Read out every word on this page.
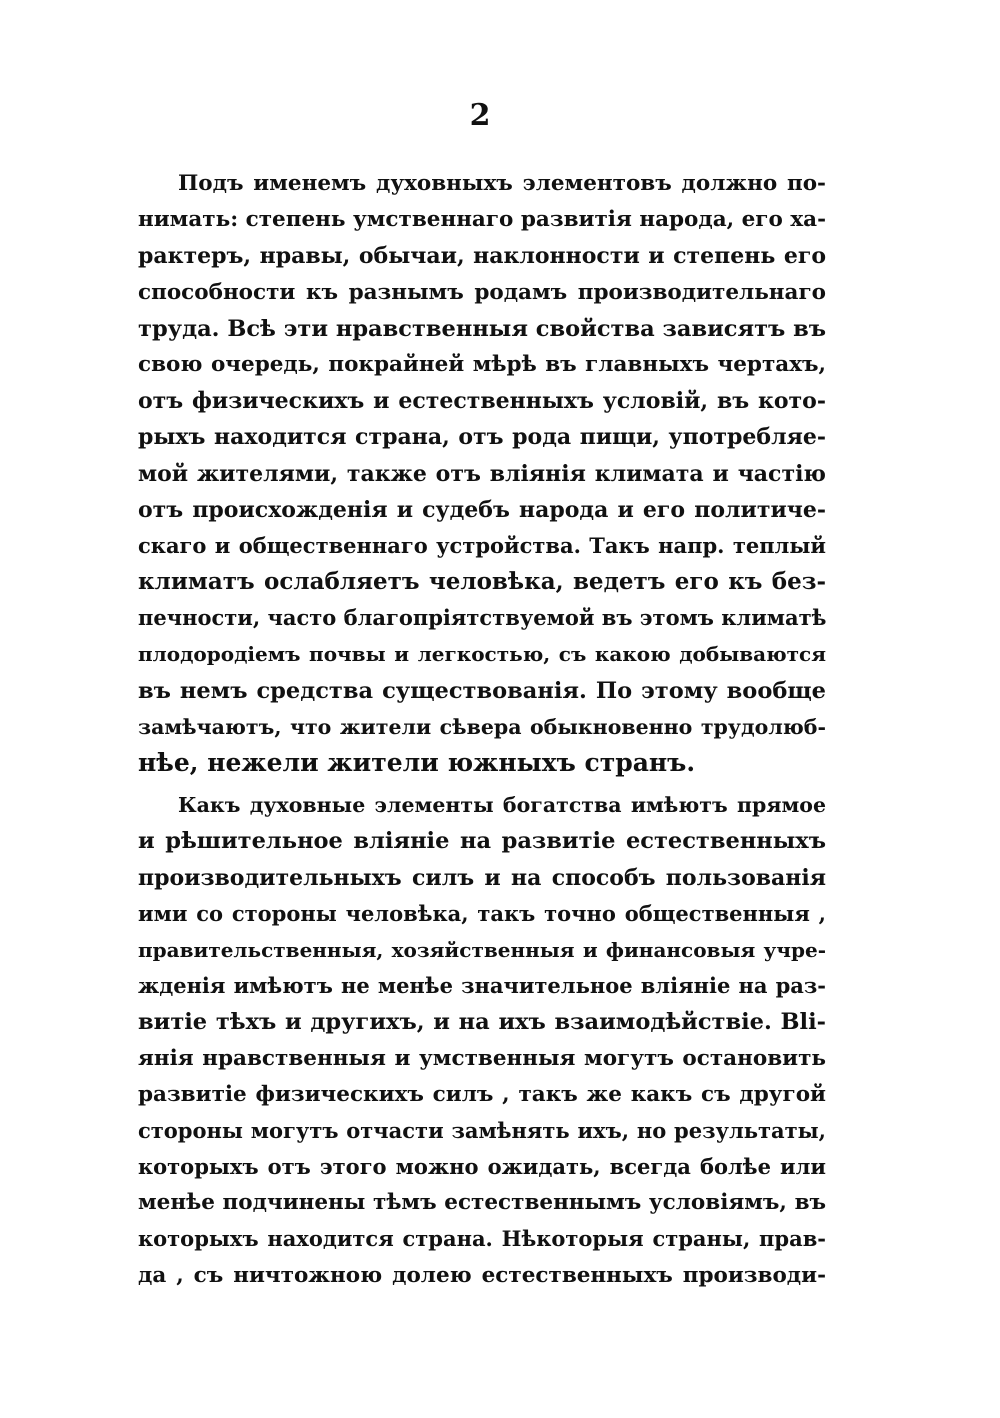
2
Подъ именемъ духовныхъ элементовъ должно по-
нимать: степень умственнаго развитія народа, его ха-
рактеръ, нравы, обычаи, наклонности и степень его
способности къ разнымъ родамъ производительнаго
труда. Всѣ эти нравственныя свойства зависятъ въ
свою очередь, покрайней мѣрѣ въ главныхъ чертахъ,
отъ физическихъ и естественныхъ условій, въ кото-
рыхъ находится страна, отъ рода пищи, употребляе-
мой жителями, также отъ вліянія климата и частію
отъ происхожденія и судебъ народа и его политиче-
скаго и общественнаго устройства. Такъ напр. теплый
климатъ ослабляетъ человѣка, ведетъ его къ без-
печности, часто благопріятствуемой въ этомъ климатѣ
плодородіемъ почвы и легкостью, съ какою добываются
въ немъ средства существованія. По этому вообще
замѣчаютъ, что жители сѣвера обыкновенно трудолюб-
нѣе, нежели жители южныхъ странъ.
Какъ духовные элементы богатства имѣютъ прямое
и рѣшительное вліяніе на развитіе естественныхъ
производительныхъ силъ и на способъ пользованія
ими со стороны человѣка, такъ точно общественныя ,
правительственныя, хозяйственныя и финансовыя учре-
жденія имѣютъ не менѣе значительное вліяніе на раз-
витіе тѣхъ и другихъ, и на ихъ взаимодѣйствіе. Вli-
янія нравственныя и умственныя могутъ остановить
развитіе физическихъ силъ , такъ же какъ съ другой
стороны могутъ отчасти замѣнять ихъ, но результаты,
которыхъ отъ этого можно ожидать, всегда болѣе или
менѣе подчинены тѣмъ естественнымъ условіямъ, въ
которыхъ находится страна. Нѣкоторыя страны, прав-
да , съ ничтожною долею естественныхъ производи-
